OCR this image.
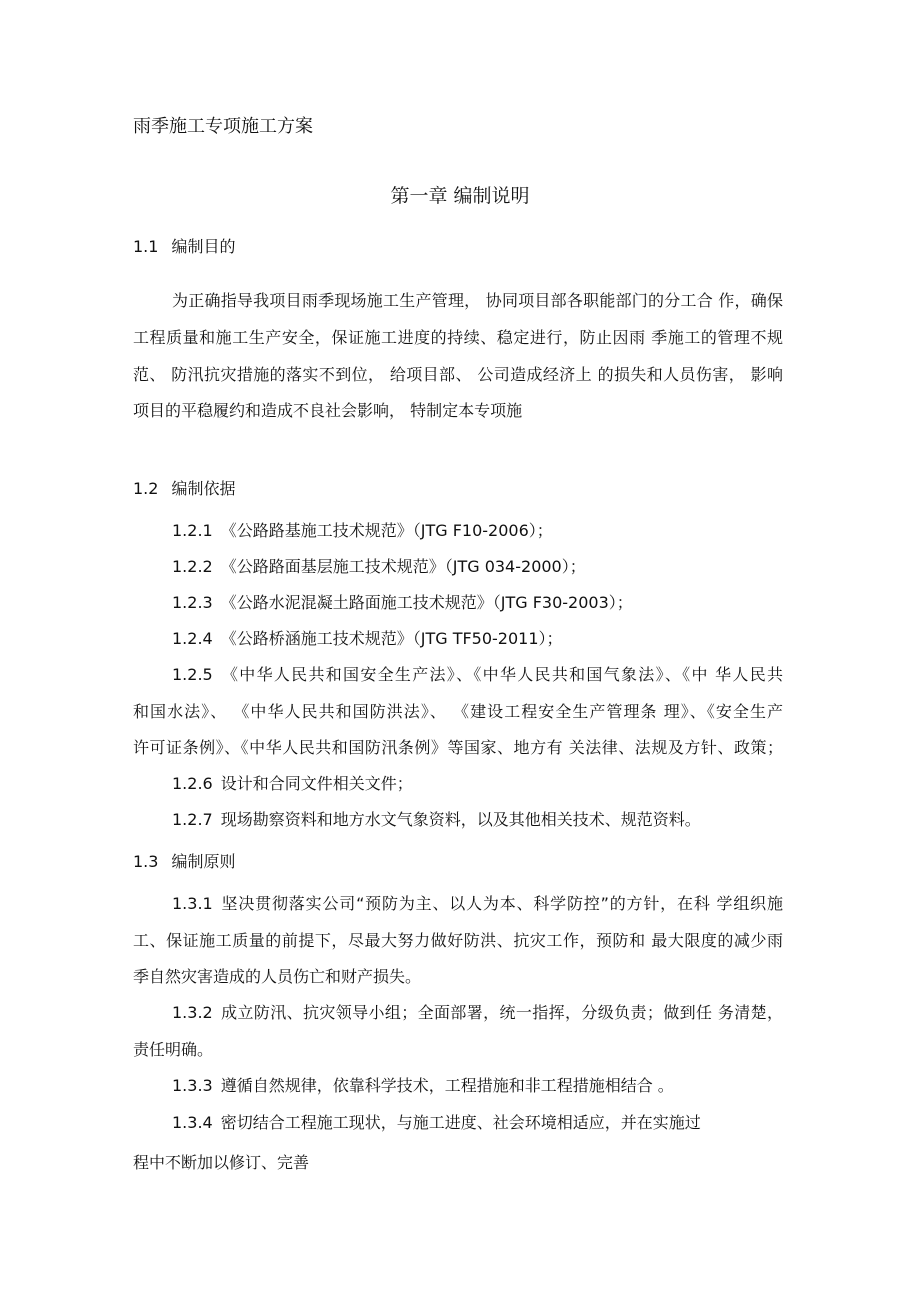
雨季施工专项施工方案
第一章 编制说明
1.1 编制目的
为正确指导我项目雨季现场施工生产管理， 协同项目部各职能部门的分工合 作，确保
工程质量和施工生产安全，保证施工进度的持续、稳定进行，防止因雨 季施工的管理不规
范、 防汛抗灾措施的落实不到位， 给项目部、 公司造成经济上 的损失和人员伤害， 影响
项目的平稳履约和造成不良社会影响， 特制定本专项施
1.2 编制依据
1.2.1 《公路路基施工技术规范》（JTG F10-2006）；
1.2.2 《公路路面基层施工技术规范》（JTG 034-2000）；
1.2.3 《公路水泥混凝土路面施工技术规范》（JTG F30-2003）；
1.2.4 《公路桥涵施工技术规范》（JTG TF50-2011）；
1.2.5 《中华人民共和国安全生产法》、《中华人民共和国气象法》、《中 华人民共
和国水法》、 《中华人民共和国防洪法》、 《建设工程安全生产管理条 理》、《安全生产
许可证条例》、《中华人民共和国防汛条例》等国家、地方有 关法律、法规及方针、政策；
1.2.6 设计和合同文件相关文件；
1.2.7 现场勘察资料和地方水文气象资料，以及其他相关技术、规范资料。
1.3 编制原则
1.3.1 坚决贯彻落实公司“预防为主、以人为本、科学防控”的方针，在科 学组织施
工、保证施工质量的前提下，尽最大努力做好防洪、抗灾工作，预防和 最大限度的减少雨
季自然灾害造成的人员伤亡和财产损失。
1.3.2 成立防汛、抗灾领导小组；全面部署，统一指挥，分级负责；做到任 务清楚，
责任明确。
1.3.3 遵循自然规律，依靠科学技术，工程措施和非工程措施相结合 。
1.3.4 密切结合工程施工现状，与施工进度、社会环境相适应，并在实施过
程中不断加以修订、完善
